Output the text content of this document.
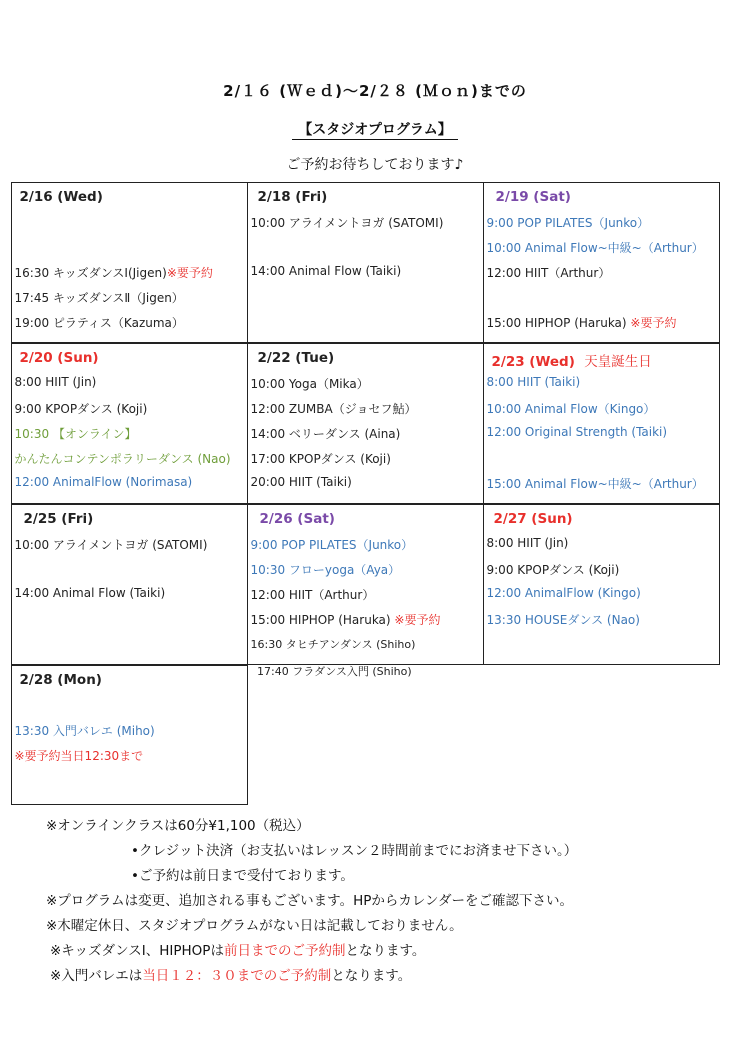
2/１６ (Ｗｅｄ)～2/２８ (Ｍｏｎ)までの
【スタジオプログラム】
ご予約お待ちしております♪
2/16 (Wed)
16:30 キッズダンスⅠ(Jigen)※要予約
17:45 キッズダンスⅡ（Jigen）
19:00 ピラティス（Kazuma）
2/18 (Fri)
10:00 アライメントヨガ (SATOMI)
14:00 Animal Flow (Taiki)
2/19 (Sat)
9:00 POP PILATES（Junko）
10:00 Animal Flow~中級~（Arthur）
12:00 HIIT（Arthur）
15:00 HIPHOP (Haruka) ※要予約
2/20 (Sun)
8:00 HIIT (Jin)
9:00 KPOPダンス (Koji)
10:30 【オンライン】
かんたんコンテンポラリーダンス (Nao)
12:00 AnimalFlow (Norimasa)
2/22 (Tue)
10:00 Yoga（Mika）
12:00 ZUMBA（ジョセフ鮎）
14:00 ベリーダンス (Aina)
17:00 KPOPダンス (Koji)
20:00 HIIT (Taiki)
2/23 (Wed) 天皇誕生日
8:00 HIIT (Taiki)
10:00 Animal Flow（Kingo）
12:00 Original Strength (Taiki)
15:00 Animal Flow~中級~（Arthur）
2/25 (Fri)
10:00 アライメントヨガ (SATOMI)
14:00 Animal Flow (Taiki)
2/26 (Sat)
9:00 POP PILATES（Junko）
10:30 フローyoga（Aya）
12:00 HIIT（Arthur）
15:00 HIPHOP (Haruka) ※要予約
16:30 タヒチアンダンス (Shiho)
2/27 (Sun)
8:00 HIIT (Jin)
9:00 KPOPダンス (Koji)
12:00 AnimalFlow (Kingo)
13:30 HOUSEダンス (Nao)
2/28 (Mon)
13:30 入門バレエ (Miho)
※要予約当日12:30まで
17:40 フラダンス入門 (Shiho)
※オンラインクラスは60分¥1,100（税込）
•クレジット決済（お支払いはレッスン２時間前までにお済ませ下さい。）
•ご予約は前日まで受付ております。
※プログラムは変更、追加される事もございます。HPからカレンダーをご確認下さい。
※木曜定休日、スタジオプログラムがない日は記載しておりません。
※キッズダンスⅠ、HIPHOPは前日までのご予約制となります。
※入門バレエは当日１２：３０までのご予約制となります。
